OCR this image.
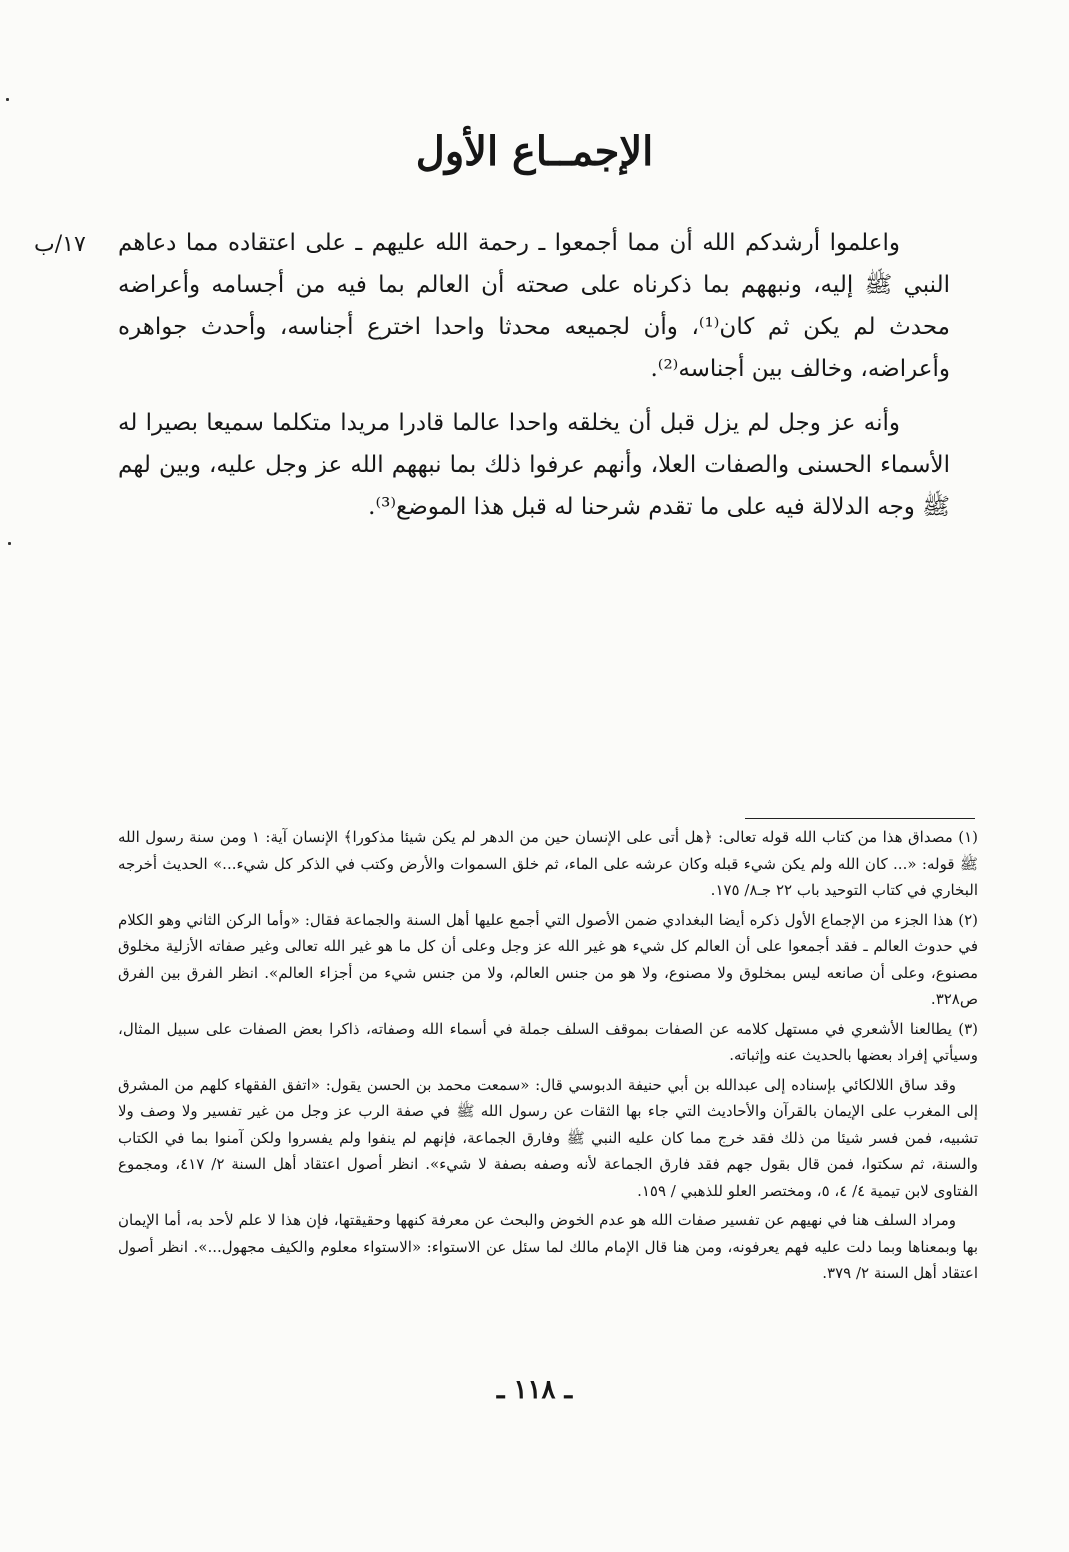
الإجمــاع الأول
١٧/ب واعلموا أرشدكم الله أن مما أجمعوا ـ رحمة الله عليهم ـ على اعتقاده مما دعاهم النبي ﷺ إليه، ونبههم بما ذكرناه على صحته أن العالم بما فيه من أجسامه وأعراضه محدث لم يكن ثم كان⁽¹⁾، وأن لجميعه محدثا واحدا اخترع أجناسه، وأحدث جواهره وأعراضه، وخالف بين أجناسه⁽²⁾.

وأنه عز وجل لم يزل قبل أن يخلقه واحدا عالما قادرا مريدا متكلما سميعا بصيرا له الأسماء الحسنى والصفات العلا، وأنهم عرفوا ذلك بما نبههم الله عز وجل عليه، وبين لهم ﷺ وجه الدلالة فيه على ما تقدم شرحنا له قبل هذا الموضع⁽³⁾.

(١) مصداق هذا من كتاب الله قوله تعالى: ﴿هل أتى على الإنسان حين من الدهر لم يكن شيئا مذكورا﴾ الإنسان آية: ١ ومن سنة رسول الله ﷺ قوله: «... كان الله ولم يكن شيء قبله وكان عرشه على الماء، ثم خلق السموات والأرض وكتب في الذكر كل شيء...» الحديث أخرجه البخاري في كتاب التوحيد باب ٢٢ جـ٨/ ١٧٥.

(٢) هذا الجزء من الإجماع الأول ذكره أيضا البغدادي ضمن الأصول التي أجمع عليها أهل السنة والجماعة فقال: «وأما الركن الثاني وهو الكلام في حدوث العالم ـ فقد أجمعوا على أن العالم كل شيء هو غير الله عز وجل وعلى أن كل ما هو غير الله تعالى وغير صفاته الأزلية مخلوق مصنوع، وعلى أن صانعه ليس بمخلوق ولا مصنوع، ولا هو من جنس العالم، ولا من جنس شيء من أجزاء العالم». انظر الفرق بين الفرق ص٣٢٨.

(٣) يطالعنا الأشعري في مستهل كلامه عن الصفات بموقف السلف جملة في أسماء الله وصفاته، ذاكرا بعض الصفات على سبيل المثال، وسيأتي إفراد بعضها بالحديث عنه وإثباته.

وقد ساق اللالكائي بإسناده إلى عبدالله بن أبي حنيفة الدبوسي قال: «سمعت محمد بن الحسن يقول: «اتفق الفقهاء كلهم من المشرق إلى المغرب على الإيمان بالقرآن والأحاديث التي جاء بها الثقات عن رسول الله ﷺ في صفة الرب عز وجل من غير تفسير ولا وصف ولا تشبيه، فمن فسر شيئا من ذلك فقد خرج مما كان عليه النبي ﷺ وفارق الجماعة، فإنهم لم ينفوا ولم يفسروا ولكن آمنوا بما في الكتاب والسنة، ثم سكتوا، فمن قال بقول جهم فقد فارق الجماعة لأنه وصفه بصفة لا شيء». انظر أصول اعتقاد أهل السنة ٢/ ٤١٧، ومجموع الفتاوى لابن تيمية ٤/ ٤، ٥، ومختصر العلو للذهبي / ١٥٩.

ومراد السلف هنا في نهيهم عن تفسير صفات الله هو عدم الخوض والبحث عن معرفة كنهها وحقيقتها، فإن هذا لا علم لأحد به، أما الإيمان بها وبمعناها وبما دلت عليه فهم يعرفونه، ومن هنا قال الإمام مالك لما سئل عن الاستواء: «الاستواء معلوم والكيف مجهول...». انظر أصول اعتقاد أهل السنة ٢/ ٣٧٩.

ـ ١١٨ ـ
